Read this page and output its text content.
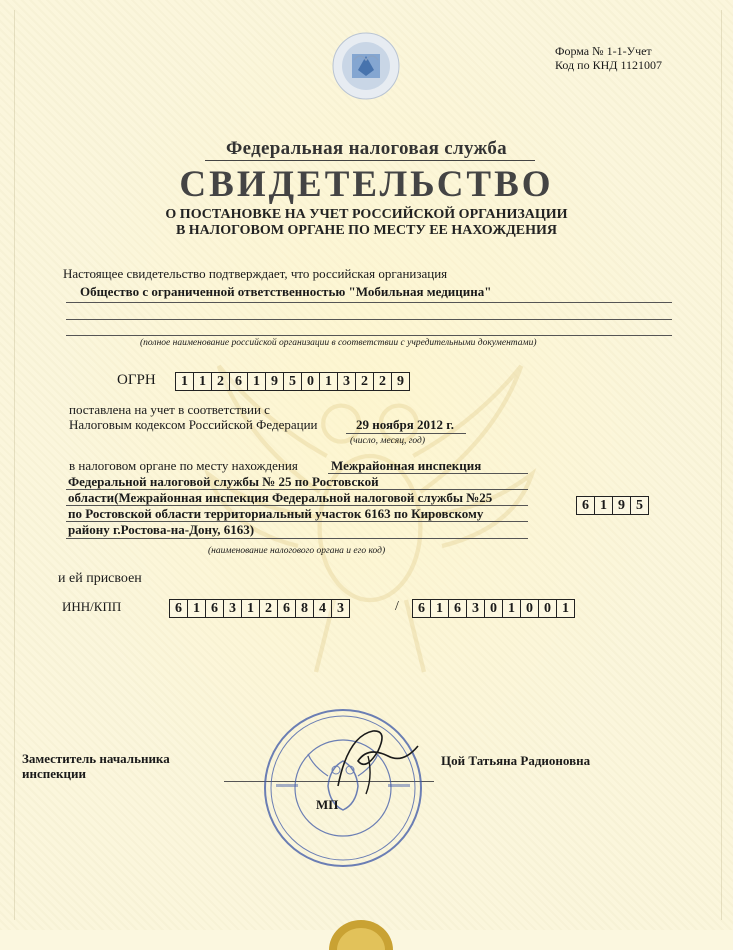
Форма № 1-1-Учет
Код по КНД 1121007
Федеральная налоговая служба
СВИДЕТЕЛЬСТВО
О ПОСТАНОВКЕ НА УЧЕТ РОССИЙСКОЙ ОРГАНИЗАЦИИ
В НАЛОГОВОМ ОРГАНЕ ПО МЕСТУ ЕЕ НАХОЖДЕНИЯ
Настоящее свидетельство подтверждает, что российская организация
Общество с ограниченной ответственностью "Мобильная медицина"
(полное наименование российской организации в соответствии с учредительными документами)
ОГРН	1 1 2 6 1 9 5 0 1 3 2 2 9
поставлена на учет в соответствии с
Налоговым кодексом Российской Федерации	29 ноября 2012 г.
(число, месяц, год)
в налоговом органе по месту нахождения	Межрайонная инспекция
Федеральной налоговой службы № 25 по Ростовской
области(Межрайонная инспекция Федеральной налоговой службы №25
по Ростовской области территориальный участок 6163 по Кировскому
району г.Ростова-на-Дону, 6163)
6 1 9 5
(наименование налогового органа и его код)
и ей присвоен
ИНН/КПП	6 1 6 3 1 2 6 8 4 3	/	6 1 6 3 0 1 0 0 1
Заместитель начальника
инспекции
Цой Татьяна Радионовна
МП
